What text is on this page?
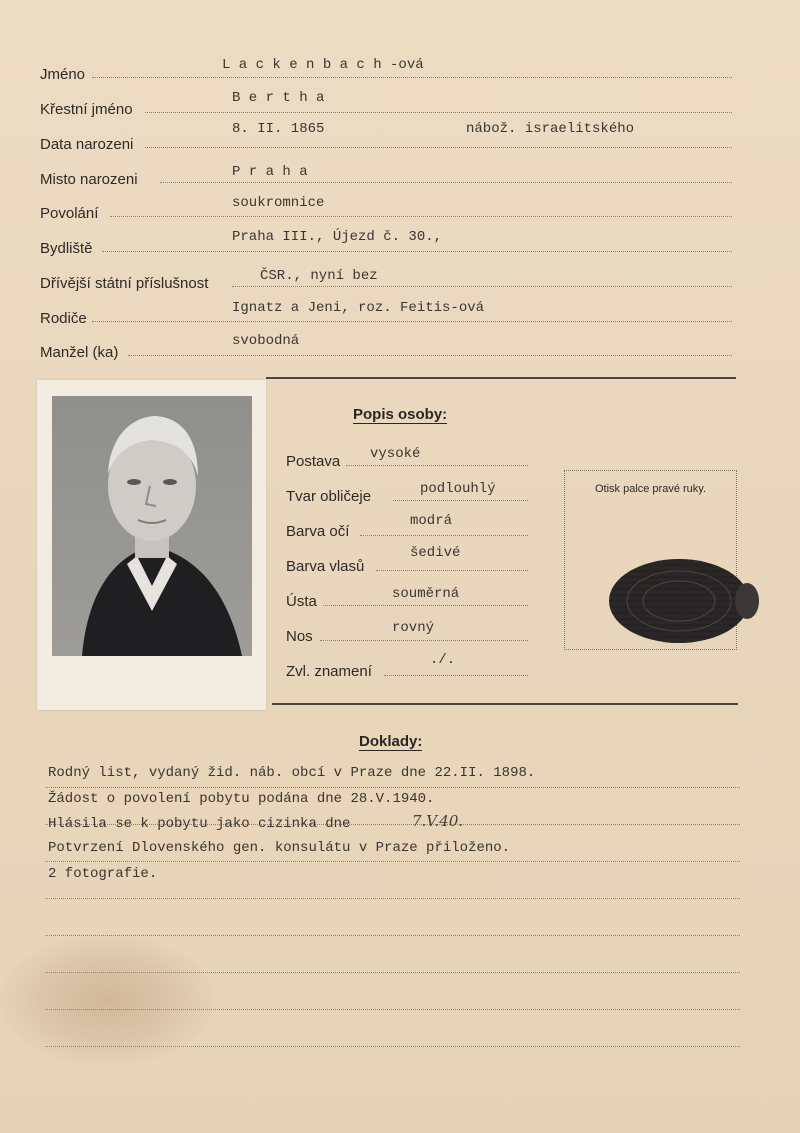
Jméno
L a c k e n b a c h -ová
Křestní jméno
B e r t h a
Data narozeni
8. II. 1865	nábož. israelitského
Misto narozeni	P r a h a
Povolání
soukromnice
Bydliště
Praha III., Újezd č. 30.,
Dřívější státní příslušnost	ČSR., nyní bez
Rodiče
Ignatz a Jeni, roz. Feitis-ová
Manžel (ka)
svobodná
Popis osoby:
Postava vysoké
Tvar obličeje	podlouhlý
Barva očí
modrá
Barva vlasů
šedivé
Ústa	souměrná
Nos	rovný
Zvl. znamení
./.
Otisk palce pravé ruky.
Doklady:
Rodný list, vydaný žid. náb. obcí v Praze dne 22.II. 1898.
Žádost o povolení pobytu podána dne 28.V.1940.
Hlásila se k pobytu jako cizinka dne	7.V.40.
Potvrzení Dlovenského gen. konsulátu v Praze přiloženo.
2 fotografie.
